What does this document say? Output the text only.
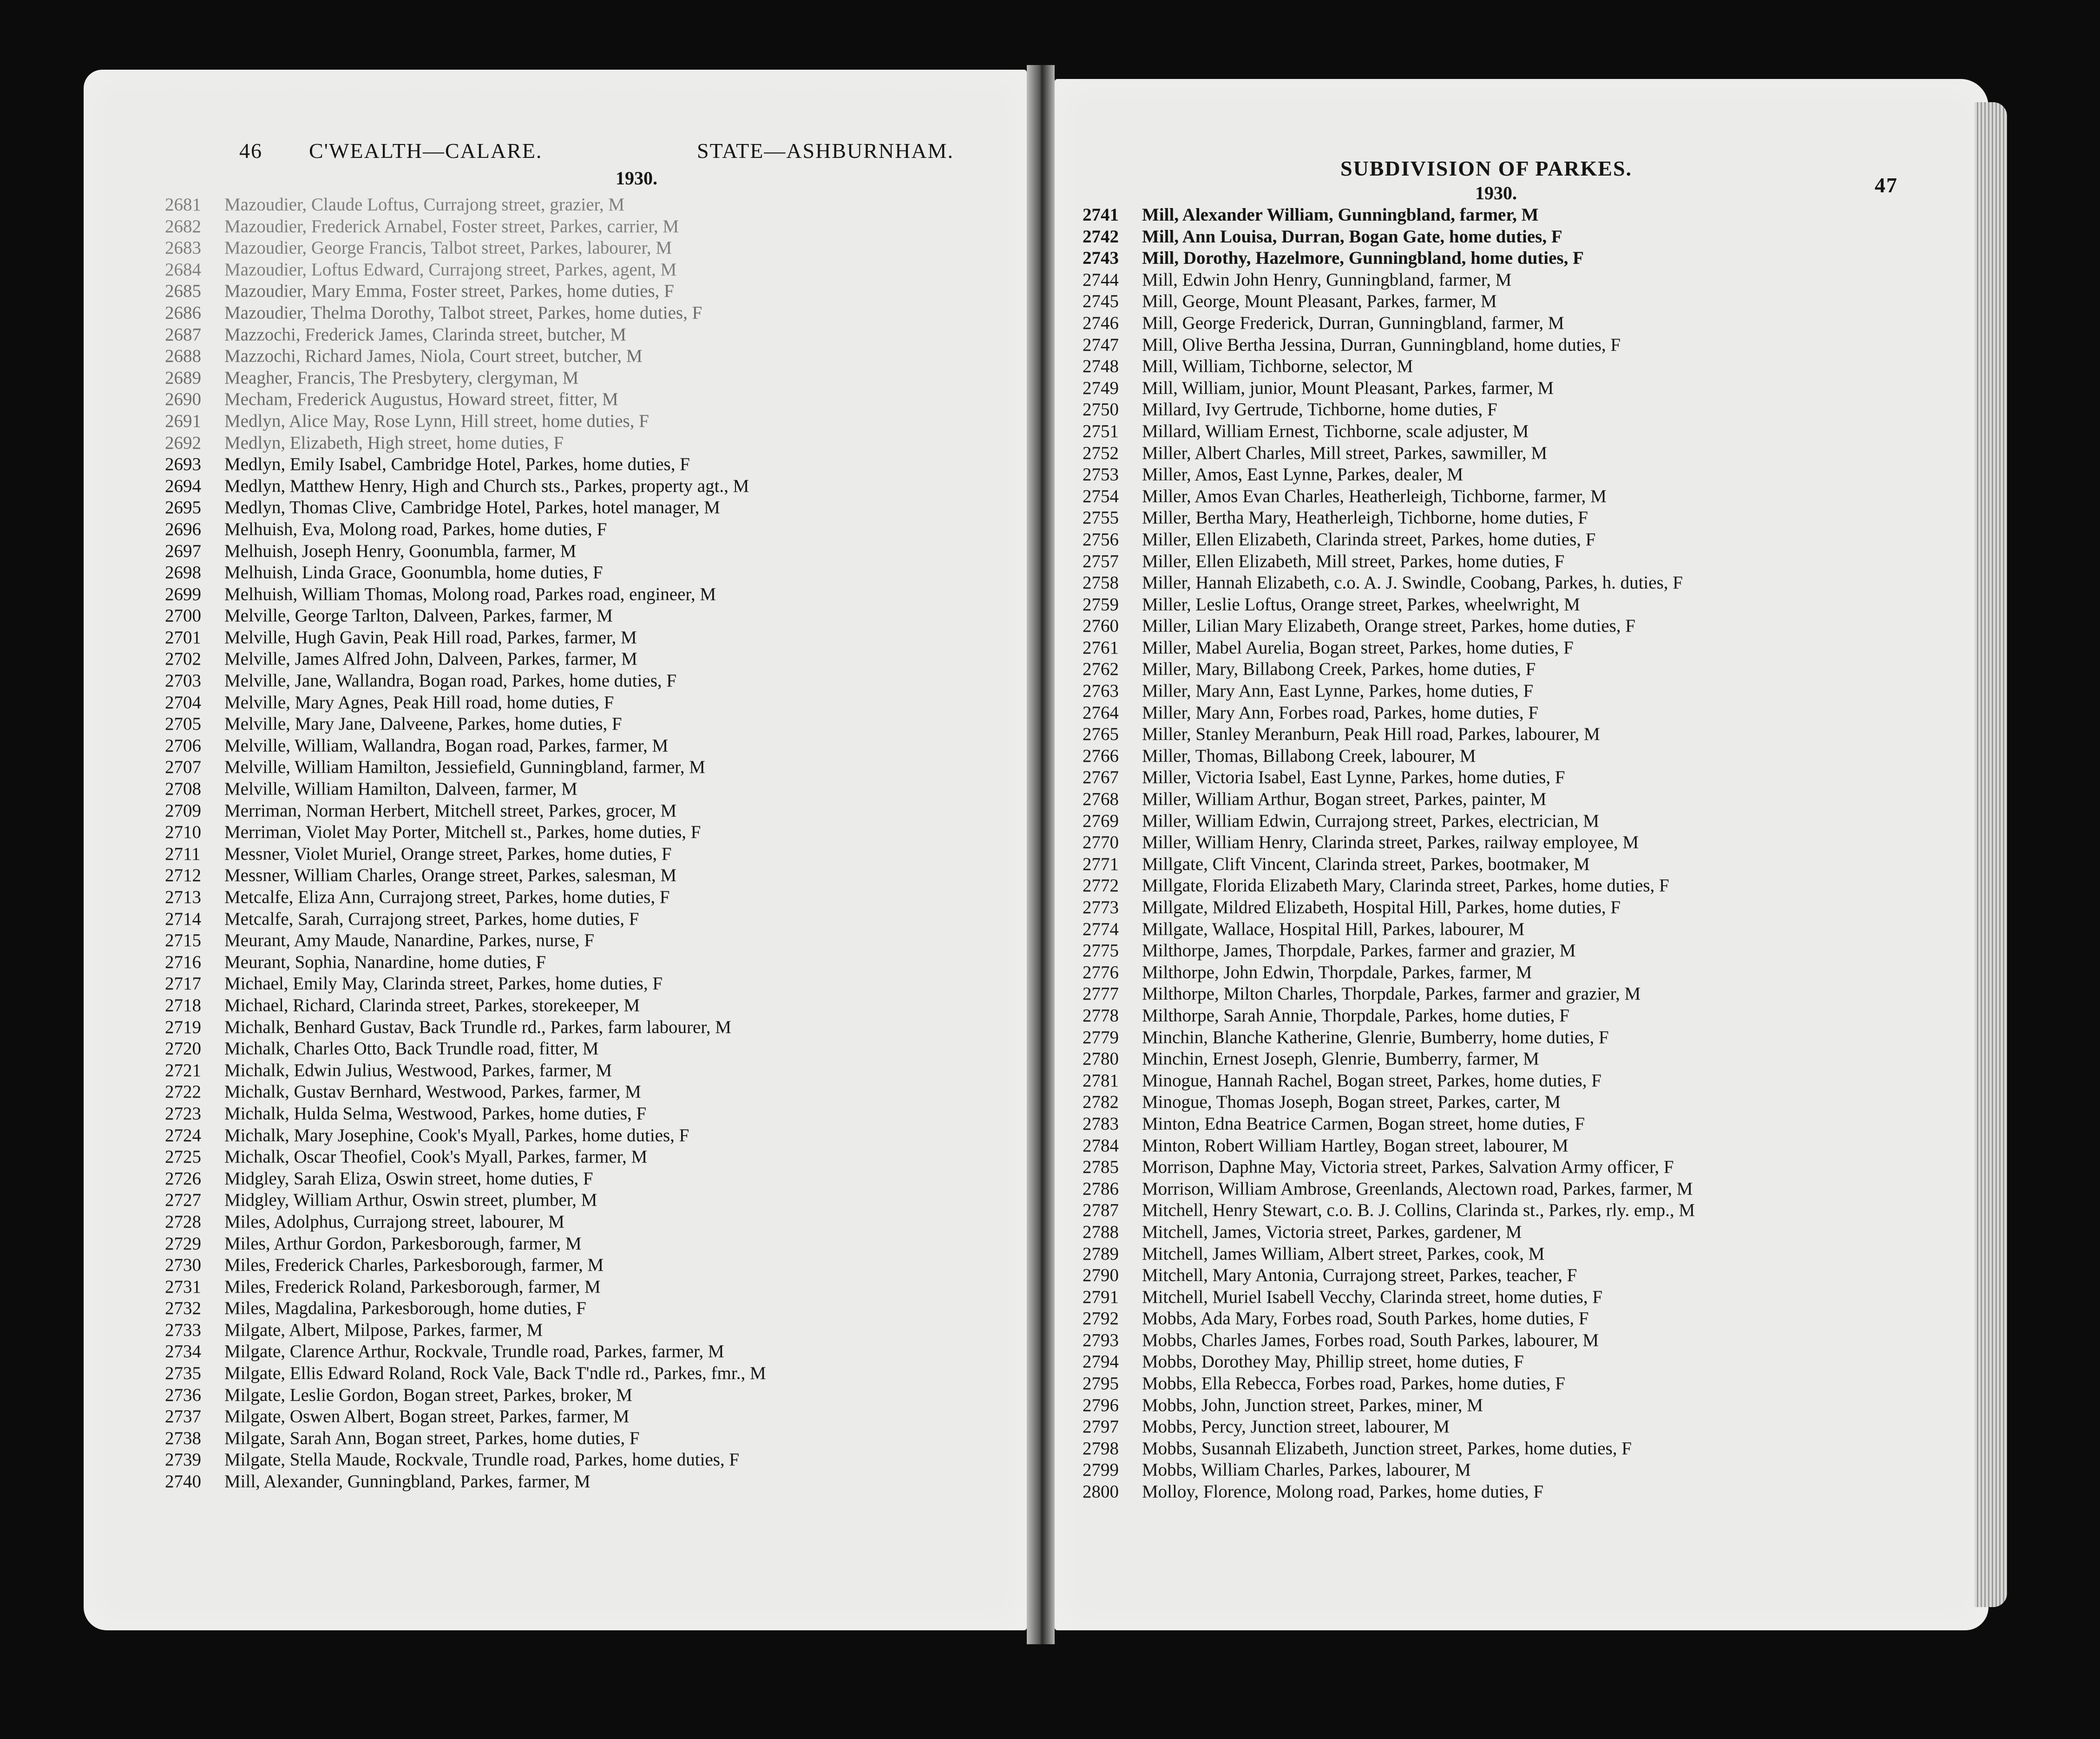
46 C'WEALTH—CALARE.	STATE—ASHBURNHAM.
1930.	SUBDIVISION OF PARKES.
47
1930.
2681 Mazoudier, Claude Loftus, Currajong street, grazier, M
2682 Mazoudier, Frederick Arnabel, Foster street, Parkes, carrier, M
2683 Mazoudier, George Francis, Talbot street, Parkes, labourer, M
2684 Mazoudier, Loftus Edward, Currajong street, Parkes, agent, M
2685 Mazoudier, Mary Emma, Foster street, Parkes, home duties, F
2686 Mazoudier, Thelma Dorothy, Talbot street, Parkes, home duties, F
2687 Mazzochi, Frederick James, Clarinda street, butcher, M
2688 Mazzochi, Richard James, Niola, Court street, butcher, M
2689 Meagher, Francis, The Presbytery, clergyman, M
2690 Mecham, Frederick Augustus, Howard street, fitter, M
2691 Medlyn, Alice May, Rose Lynn, Hill street, home duties, F
2692 Medlyn, Elizabeth, High street, home duties, F
2693 Medlyn, Emily Isabel, Cambridge Hotel, Parkes, home duties, F
2694 Medlyn, Matthew Henry, High and Church sts., Parkes, property agt., M
2695 Medlyn, Thomas Clive, Cambridge Hotel, Parkes, hotel manager, M
2696 Melhuish, Eva, Molong road, Parkes, home duties, F
2697 Melhuish, Joseph Henry, Goonumbla, farmer, M
2698 Melhuish, Linda Grace, Goonumbla, home duties, F
2699 Melhuish, William Thomas, Molong road, Parkes road, engineer, M
2700 Melville, George Tarlton, Dalveen, Parkes, farmer, M
2701 Melville, Hugh Gavin, Peak Hill road, Parkes, farmer, M
2702 Melville, James Alfred John, Dalveen, Parkes, farmer, M
2703 Melville, Jane, Wallandra, Bogan road, Parkes, home duties, F
2704 Melville, Mary Agnes, Peak Hill road, home duties, F
2705 Melville, Mary Jane, Dalveene, Parkes, home duties, F
2706 Melville, William, Wallandra, Bogan road, Parkes, farmer, M
2707 Melville, William Hamilton, Jessiefield, Gunningbland, farmer, M
2708 Melville, William Hamilton, Dalveen, farmer, M
2709 Merriman, Norman Herbert, Mitchell street, Parkes, grocer, M
2710 Merriman, Violet May Porter, Mitchell st., Parkes, home duties, F
2711 Messner, Violet Muriel, Orange street, Parkes, home duties, F
2712 Messner, William Charles, Orange street, Parkes, salesman, M
2713 Metcalfe, Eliza Ann, Currajong street, Parkes, home duties, F
2714 Metcalfe, Sarah, Currajong street, Parkes, home duties, F
2715 Meurant, Amy Maude, Nanardine, Parkes, nurse, F
2716 Meurant, Sophia, Nanardine, home duties, F
2717 Michael, Emily May, Clarinda street, Parkes, home duties, F
2718 Michael, Richard, Clarinda street, Parkes, storekeeper, M
2719 Michalk, Benhard Gustav, Back Trundle rd., Parkes, farm labourer, M
2720 Michalk, Charles Otto, Back Trundle road, fitter, M
2721 Michalk, Edwin Julius, Westwood, Parkes, farmer, M
2722 Michalk, Gustav Bernhard, Westwood, Parkes, farmer, M
2723 Michalk, Hulda Selma, Westwood, Parkes, home duties, F
2724 Michalk, Mary Josephine, Cook's Myall, Parkes, home duties, F
2725 Michalk, Oscar Theofiel, Cook's Myall, Parkes, farmer, M
2726 Midgley, Sarah Eliza, Oswin street, home duties, F
2727 Midgley, William Arthur, Oswin street, plumber, M
2728 Miles, Adolphus, Currajong street, labourer, M
2729 Miles, Arthur Gordon, Parkesborough, farmer, M
2730 Miles, Frederick Charles, Parkesborough, farmer, M
2731 Miles, Frederick Roland, Parkesborough, farmer, M
2732 Miles, Magdalina, Parkesborough, home duties, F
2733 Milgate, Albert, Milpose, Parkes, farmer, M
2734 Milgate, Clarence Arthur, Rockvale, Trundle road, Parkes, farmer, M
2735 Milgate, Ellis Edward Roland, Rock Vale, Back T'ndle rd., Parkes, fmr., M
2736 Milgate, Leslie Gordon, Bogan street, Parkes, broker, M
2737 Milgate, Oswen Albert, Bogan street, Parkes, farmer, M
2738 Milgate, Sarah Ann, Bogan street, Parkes, home duties, F
2739 Milgate, Stella Maude, Rockvale, Trundle road, Parkes, home duties, F
2740 Mill, Alexander, Gunningbland, Parkes, farmer, M
2741 Mill, Alexander William, Gunningbland, farmer, M
2742 Mill, Ann Louisa, Durran, Bogan Gate, home duties, F
2743 Mill, Dorothy, Hazelmore, Gunningbland, home duties, F
2744 Mill, Edwin John Henry, Gunningbland, farmer, M
2745 Mill, George, Mount Pleasant, Parkes, farmer, M
2746 Mill, George Frederick, Durran, Gunningbland, farmer, M
2747 Mill, Olive Bertha Jessina, Durran, Gunningbland, home duties, F
2748 Mill, William, Tichborne, selector, M
2749 Mill, William, junior, Mount Pleasant, Parkes, farmer, M
2750 Millard, Ivy Gertrude, Tichborne, home duties, F
2751 Millard, William Ernest, Tichborne, scale adjuster, M
2752 Miller, Albert Charles, Mill street, Parkes, sawmiller, M
2753 Miller, Amos, East Lynne, Parkes, dealer, M
2754 Miller, Amos Evan Charles, Heatherleigh, Tichborne, farmer, M
2755 Miller, Bertha Mary, Heatherleigh, Tichborne, home duties, F
2756 Miller, Ellen Elizabeth, Clarinda street, Parkes, home duties, F
2757 Miller, Ellen Elizabeth, Mill street, Parkes, home duties, F
2758 Miller, Hannah Elizabeth, c.o. A. J. Swindle, Coobang, Parkes, h. duties, F
2759 Miller, Leslie Loftus, Orange street, Parkes, wheelwright, M
2760 Miller, Lilian Mary Elizabeth, Orange street, Parkes, home duties, F
2761 Miller, Mabel Aurelia, Bogan street, Parkes, home duties, F
2762 Miller, Mary, Billabong Creek, Parkes, home duties, F
2763 Miller, Mary Ann, East Lynne, Parkes, home duties, F
2764 Miller, Mary Ann, Forbes road, Parkes, home duties, F
2765 Miller, Stanley Meranburn, Peak Hill road, Parkes, labourer, M
2766 Miller, Thomas, Billabong Creek, labourer, M
2767 Miller, Victoria Isabel, East Lynne, Parkes, home duties, F
2768 Miller, William Arthur, Bogan street, Parkes, painter, M
2769 Miller, William Edwin, Currajong street, Parkes, electrician, M
2770 Miller, William Henry, Clarinda street, Parkes, railway employee, M
2771 Millgate, Clift Vincent, Clarinda street, Parkes, bootmaker, M
2772 Millgate, Florida Elizabeth Mary, Clarinda street, Parkes, home duties, F
2773 Millgate, Mildred Elizabeth, Hospital Hill, Parkes, home duties, F
2774 Millgate, Wallace, Hospital Hill, Parkes, labourer, M
2775 Milthorpe, James, Thorpdale, Parkes, farmer and grazier, M
2776 Milthorpe, John Edwin, Thorpdale, Parkes, farmer, M
2777 Milthorpe, Milton Charles, Thorpdale, Parkes, farmer and grazier, M
2778 Milthorpe, Sarah Annie, Thorpdale, Parkes, home duties, F
2779 Minchin, Blanche Katherine, Glenrie, Bumberry, home duties, F
2780 Minchin, Ernest Joseph, Glenrie, Bumberry, farmer, M
2781 Minogue, Hannah Rachel, Bogan street, Parkes, home duties, F
2782 Minogue, Thomas Joseph, Bogan street, Parkes, carter, M
2783 Minton, Edna Beatrice Carmen, Bogan street, home duties, F
2784 Minton, Robert William Hartley, Bogan street, labourer, M
2785 Morrison, Daphne May, Victoria street, Parkes, Salvation Army officer, F
2786 Morrison, William Ambrose, Greenlands, Alectown road, Parkes, farmer, M
2787 Mitchell, Henry Stewart, c.o. B. J. Collins, Clarinda st., Parkes, rly. emp., M
2788 Mitchell, James, Victoria street, Parkes, gardener, M
2789 Mitchell, James William, Albert street, Parkes, cook, M
2790 Mitchell, Mary Antonia, Currajong street, Parkes, teacher, F
2791 Mitchell, Muriel Isabell Vecchy, Clarinda street, home duties, F
2792 Mobbs, Ada Mary, Forbes road, South Parkes, home duties, F
2793 Mobbs, Charles James, Forbes road, South Parkes, labourer, M
2794 Mobbs, Dorothey May, Phillip street, home duties, F
2795 Mobbs, Ella Rebecca, Forbes road, Parkes, home duties, F
2796 Mobbs, John, Junction street, Parkes, miner, M
2797 Mobbs, Percy, Junction street, labourer, M
2798 Mobbs, Susannah Elizabeth, Junction street, Parkes, home duties, F
2799 Mobbs, William Charles, Parkes, labourer, M
2800 Molloy, Florence, Molong road, Parkes, home duties, F
